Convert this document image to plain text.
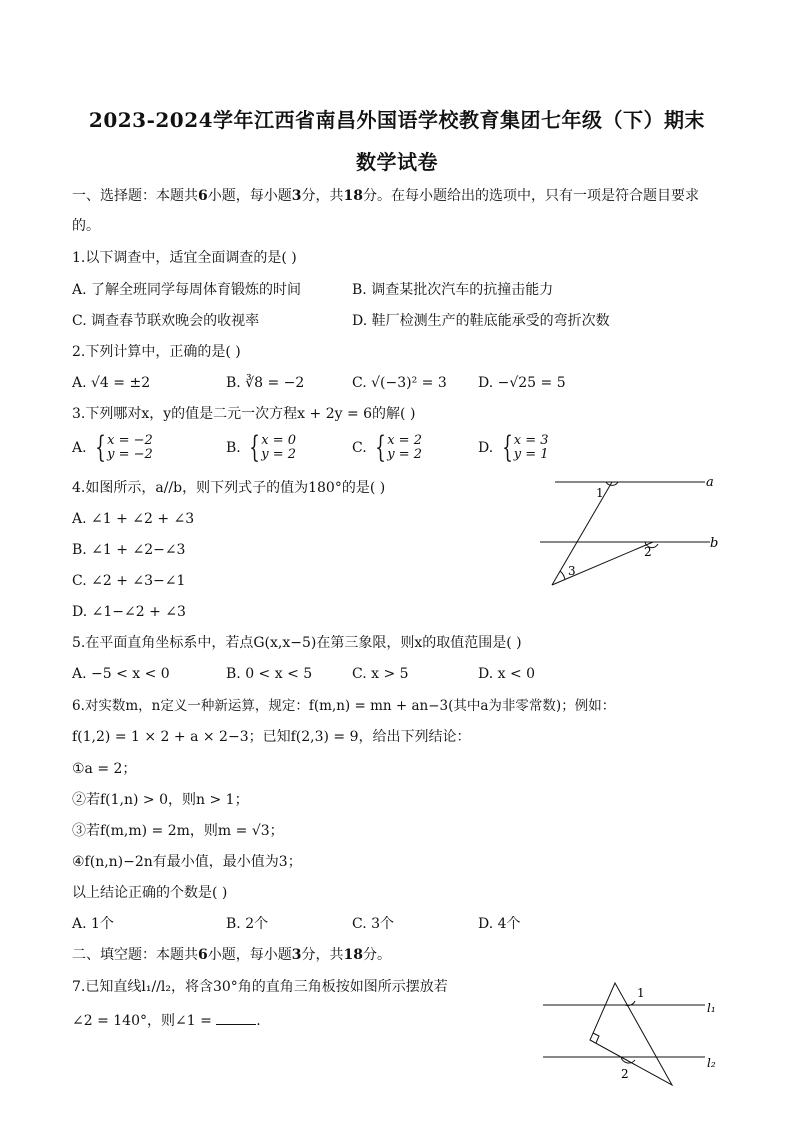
2023-2024学年江西省南昌外国语学校教育集团七年级（下）期末
数学试卷
一、选择题：本题共6小题，每小题3分，共18分。在每小题给出的选项中，只有一项是符合题目要求
的。
1.以下调查中，适宜全面调查的是( )
A. 了解全班同学每周体育锻炼的时间	B. 调查某批次汽车的抗撞击能力
C. 调查春节联欢晚会的收视率	D. 鞋厂检测生产的鞋底能承受的弯折次数
2.下列计算中，正确的是( )
A. √4 = ±2	B. ∛8 = −2	C. √(−3)² = 3 D. −√25 = 5
3.下列哪对x，y的值是二元一次方程x + 2y = 6的解( )
A. {x = −2
y = −2	B. {x = 0
y = 2	C. {x = 2
y = 2	D. {x = 3
y = 1
4.如图所示，a//b，则下列式子的值为180°的是( )
A. ∠1 + ∠2 + ∠3
B. ∠1 + ∠2−∠3
C. ∠2 + ∠3−∠1
D. ∠1−∠2 + ∠3
a
b
1
2
3
5.在平面直角坐标系中，若点G(x,x−5)在第三象限，则x的取值范围是( )
A. −5 < x < 0	B. 0 < x < 5	C. x > 5	D. x < 0
6.对实数m，n定义一种新运算，规定：f(m,n) = mn + an−3(其中a为非零常数)；例如：
f(1,2) = 1 × 2 + a × 2−3；已知f(2,3) = 9，给出下列结论：
①a = 2；
②若f(1,n) > 0，则n > 1；
③若f(m,m) = 2m，则m = √3；
④f(n,n)−2n有最小值，最小值为3；
以上结论正确的个数是( )
A. 1个	B. 2个	C. 3个	D. 4个
二、填空题：本题共6小题，每小题3分，共18分。
7.已知直线l₁//l₂，将含30°角的直角三角板按如图所示摆放若
∠2 = 140°，则∠1 =	.
1
2
l₁
l₂
